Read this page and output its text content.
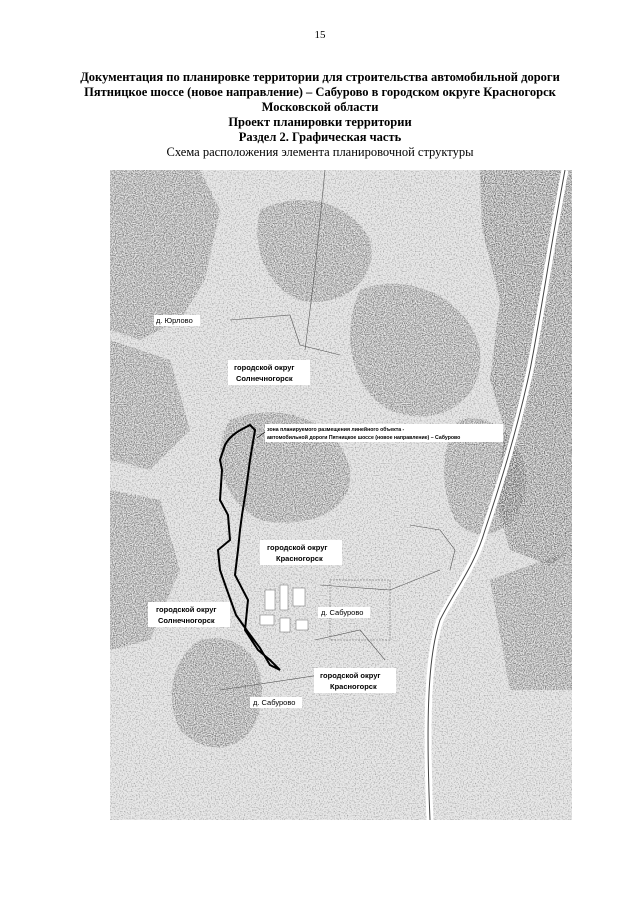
15
Документация по планировке территории для строительства автомобильной дороги
Пятницкое шоссе (новое направление) – Сабурово в городском округе Красногорск
Московской области
Проект планировки территории
Раздел 2. Графическая часть
Схема расположения элемента планировочной структуры
д. Юрлово
городской округ
Солнечногорск
зона планируемого размещения линейного объекта -
автомобильной дороги Пятницкое шоссе (новое направление) – Сабурово
городской округ
Красногорск
городской округ
Солнечногорск
д. Сабурово
городской округ
Красногорск
д. Сабурово
